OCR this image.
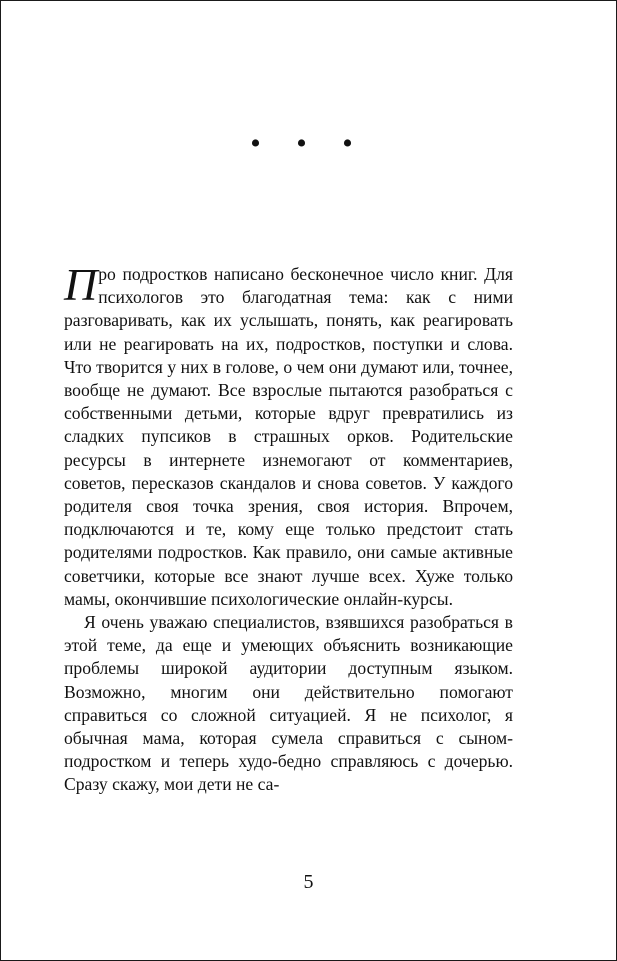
• • •

Про подростков написано бесконечное число книг. Для психологов это благодатная тема: как с ними разговаривать, как их услышать, понять, как реагировать или не реагировать на их, подростков, поступки и слова. Что творится у них в голове, о чем они думают или, точнее, вообще не думают. Все взрослые пытаются разобраться с собственными детьми, которые вдруг превратились из сладких пупсиков в страшных орков. Родительские ресурсы в интернете изнемогают от комментариев, советов, пересказов скандалов и снова советов. У каждого родителя своя точка зрения, своя история. Впрочем, подключаются и те, кому еще только предстоит стать родителями подростков. Как правило, они самые активные советчики, которые все знают лучше всех. Хуже только мамы, окончившие психологические онлайн-курсы.

Я очень уважаю специалистов, взявшихся разобраться в этой теме, да еще и умеющих объяснить возникающие проблемы широкой аудитории доступным языком. Возможно, многим они действительно помогают справиться со сложной ситуацией. Я не психолог, я обычная мама, которая сумела справиться с сыном-подростком и теперь худо-бедно справляюсь с дочерью. Сразу скажу, мои дети не са-

5
